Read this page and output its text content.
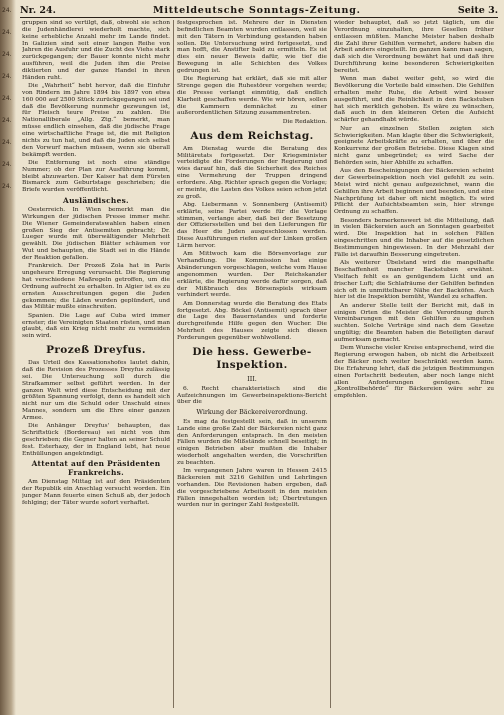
24. 24. 24. 24. 24. 24. 24. 24. 24.
Nr. 24.	Mitteldeutsche Sonntags-Zeitung.	Seite 3.

gruppen sind so vertilgt, daß, obwohl sie schon die Judenhändlerei wiederholt machte, sich keine erhebliche Anzahl mehr im Lande findet. In Galizien sind seit einer langen Reihe von Jahren die Ausfuhr und die Zucht des Viehs stark zurückgegangen; der Bauer konnte nicht mehr ausführen, weil die Juden ihm die Preise diktierten und der ganze Handel in ihren Händen ruht.

Die „Wahrheit“ hebt hervor, daß die Einfuhr von Rindern im Jahre 1894 bis 1897 von etwa 160 000 auf 2500 Stück zurückgegangen sei und daß die Bevölkerung nunmehr gezwungen ist, für Fleisch teure Preise zu zahlen. Die Nationalliberale „Allg. Ztg.“ bemerkt, man müsse endlich einsehen, daß die jüdische Frage eine wirtschaftliche Frage ist, die mit Religion nichts zu tun hat, und daß die Juden sich selbst den Vorwurf machen müssen, wenn sie überall bekämpft werden.

Die Entfernung ist noch eine ständige Nummer; ob der Plan zur Ausführung kommt, bleibt abzuwarten. Der Kaiser hat dem Fürsten Bismarck zum Geburtstage geschrieben; die Briefe wurden veröffentlicht.

Ausländisches.

Oesterreich. In Wien bemerkt man die Wirkungen der jüdischen Presse immer mehr. Die Wiener Gemeinderatswahlen haben einen großen Sieg der Antisemiten gebracht; Dr. Lueger wurde mit überwältigender Mehrheit gewählt. Die jüdischen Blätter schäumen vor Wut und behaupten, die Stadt sei in die Hände der Reaktion gefallen.

Frankreich. Der Prozeß Zola hat in Paris ungeheure Erregung verursacht. Die Regierung hat verschiedene Maßregeln getroffen, um die Ordnung aufrecht zu erhalten. In Algier ist es zu ernsten Ausschreitungen gegen die Juden gekommen; die Läden wurden geplündert, und das Militär mußte einschreiten.

Spanien. Die Lage auf Cuba wird immer ernster; die Vereinigten Staaten rüsten, und man glaubt, daß ein Krieg nicht mehr zu vermeiden sein wird.

Prozeß Dreyfus.

Das Urteil des Kassationshofes lautet dahin, daß die Revision des Prozesses Dreyfus zulässig sei. Die Untersuchung soll durch die Strafkammer selbst geführt werden. In der ganzen Welt wird diese Entscheidung mit der größten Spannung verfolgt, denn es handelt sich nicht nur um die Schuld oder Unschuld eines Mannes, sondern um die Ehre einer ganzen Armee.

Die Anhänger Dreyfus' behaupten, das Schriftstück (Bordereau) sei nicht von ihm geschrieben; die Gegner halten an seiner Schuld fest. Esterhazy, der in England lebt, hat neue Enthüllungen angekündigt.

Attentat auf den Präsidenten Frankreichs.

Am Dienstag Mittag ist auf den Präsidenten der Republik ein Anschlag versucht worden. Ein junger Mann feuerte einen Schuß ab, der jedoch fehlging; der Täter wurde sofort verhaftet.

festgesprochen ist. Mehrere der in Diensten befindlichen Beamten wurden entlassen, weil sie mit den Tätern in Verbindung gestanden haben sollen. Die Untersuchung wird fortgesetzt, und man hofft, die Anstifter bald zu ermitteln. Es ist dies ein neuer Beweis dafür, wie tief die Bewegung in alle Schichten des Volkes gedrungen ist.

Die Regierung hat erklärt, daß sie mit aller Strenge gegen die Ruhestörer vorgehen werde; die Presse verlangt einmütig, daß endlich Klarheit geschaffen werde. Wie wir hören, sollen die Kammern demnächst zu einer außerordentlichen Sitzung zusammentreten.

Die Redaktion.
Aus dem Reichstag.

Am Dienstag wurde die Beratung des Militäretats fortgesetzt. Der Kriegsminister verteidigte die Forderungen der Regierung und wies darauf hin, daß die Sicherheit des Reiches eine Vermehrung der Truppen dringend erfordere. Abg. Richter sprach gegen die Vorlage; er meinte, die Lasten des Volkes seien schon jetzt zu groß.

Abg. Liebermann v. Sonnenberg (Antisemit) erklärte, seine Partei werde für die Vorlage stimmen, verlange aber, daß bei der Besetzung der Offiziersstellen und bei den Lieferungen für das Heer die Juden ausgeschlossen werden. Diese Ausführungen riefen auf der Linken großen Lärm hervor.

Am Mittwoch kam die Börsenvorlage zur Verhandlung. Die Kommission hat einige Abänderungen vorgeschlagen, welche vom Hause angenommen wurden. Der Reichskanzler erklärte, die Regierung werde dafür sorgen, daß der Mißbrauch des Börsenspiels wirksam verhindert werde.

Am Donnerstag wurde die Beratung des Etats fortgesetzt. Abg. Böckel (Antisemit) sprach über die Lage des Bauernstandes und forderte durchgreifende Hilfe gegen den Wucher. Die Mehrheit des Hauses zeigte sich diesen Forderungen gegenüber wohlwollend.

Die hess. Gewerbe-Inspektion.
III.

6. Recht charakteristisch sind die Aufzeichnungen im Gewerbeinspektions-Bericht über die

Wirkung der Bäckereiverordnung.

Es mag da festgestellt sein, daß in unserem Lande eine große Zahl der Bäckereien nicht ganz den Anforderungen entsprach. In den meisten Fällen wurden die Mißstände schnell beseitigt; in einigen Betrieben aber mußten die Inhaber wiederholt angehalten werden, die Vorschriften zu beachten.

Im vergangenen Jahre waren in Hessen 2415 Bäckereien mit 3216 Gehilfen und Lehrlingen vorhanden. Die Revisionen haben ergeben, daß die vorgeschriebene Arbeitszeit in den meisten Fällen innegehalten worden ist; Übertretungen wurden nur in geringer Zahl festgestellt.

wieder behauptet, daß so jetzt täglich, um die Verordnung einzuhalten, ihre Gesellen früher entlassen müßten. Manche Meister haben deshalb die Zahl ihrer Gehilfen vermehrt, andere haben die Arbeit anders eingeteilt. Im ganzen kann man sagen, daß sich die Verordnung bewährt hat und daß ihre Durchführung keine besonderen Schwierigkeiten bereitet.

Wenn man dabei weiter geht, so wird die Bevölkerung die Vorteile bald einsehen. Die Gehilfen erhalten mehr Ruhe, die Arbeit wird besser ausgeführt, und die Reinlichkeit in den Backstuben hat sich merklich gehoben. Es wäre zu wünschen, daß auch in den kleineren Orten die Aufsicht schärfer gehandhabt würde.

Nur an einzelnen Stellen zeigten sich Schwierigkeiten. Man klagte über die Schwierigkeit, geeignete Arbeitskräfte zu erhalten, und über die Konkurrenz der großen Betriebe. Diese Klagen sind nicht ganz unbegründet; es wird Sache der Behörden sein, hier Abhilfe zu schaffen.

Aus den Bescheinigungen der Bäckereien scheint der Gewerbeinspektion noch viel gefehlt zu sein. Meist wird nicht genau aufgezeichnet, wann die Gehilfen ihre Arbeit beginnen und beenden, und eine Nachprüfung ist daher oft nicht möglich. Es wird Pflicht der Aufsichtsbeamten sein, hier strenge Ordnung zu schaffen.

Besonders bemerkenswert ist die Mitteilung, daß in vielen Bäckereien auch an Sonntagen gearbeitet wird. Die Inspektion hat in solchen Fällen eingeschritten und die Inhaber auf die gesetzlichen Bestimmungen hingewiesen. In der Mehrzahl der Fälle ist daraufhin Besserung eingetreten.

Als weiterer Übelstand wird die mangelhafte Beschaffenheit mancher Backstuben erwähnt. Vielfach fehlt es an genügendem Licht und an frischer Luft; die Schlafräume der Gehilfen befinden sich oft in unmittelbarer Nähe der Backöfen. Auch hier ist die Inspektion bemüht, Wandel zu schaffen.

An anderer Stelle teilt der Bericht mit, daß in einigen Orten die Meister die Verordnung durch Vereinbarungen mit den Gehilfen zu umgehen suchten. Solche Verträge sind nach dem Gesetze ungültig; die Beamten haben die Beteiligten darauf aufmerksam gemacht.

Dem Wunsche vieler Kreise entsprechend, wird die Regierung erwogen haben, ob nicht die Arbeitszeit der Bäcker noch weiter beschränkt werden kann. Die Erfahrung lehrt, daß die jetzigen Bestimmungen einen Fortschritt bedeuten, aber noch lange nicht allen Anforderungen genügen. Eine „Kontrollbehörde“ für Bäckereien wäre sehr zu empfehlen.
